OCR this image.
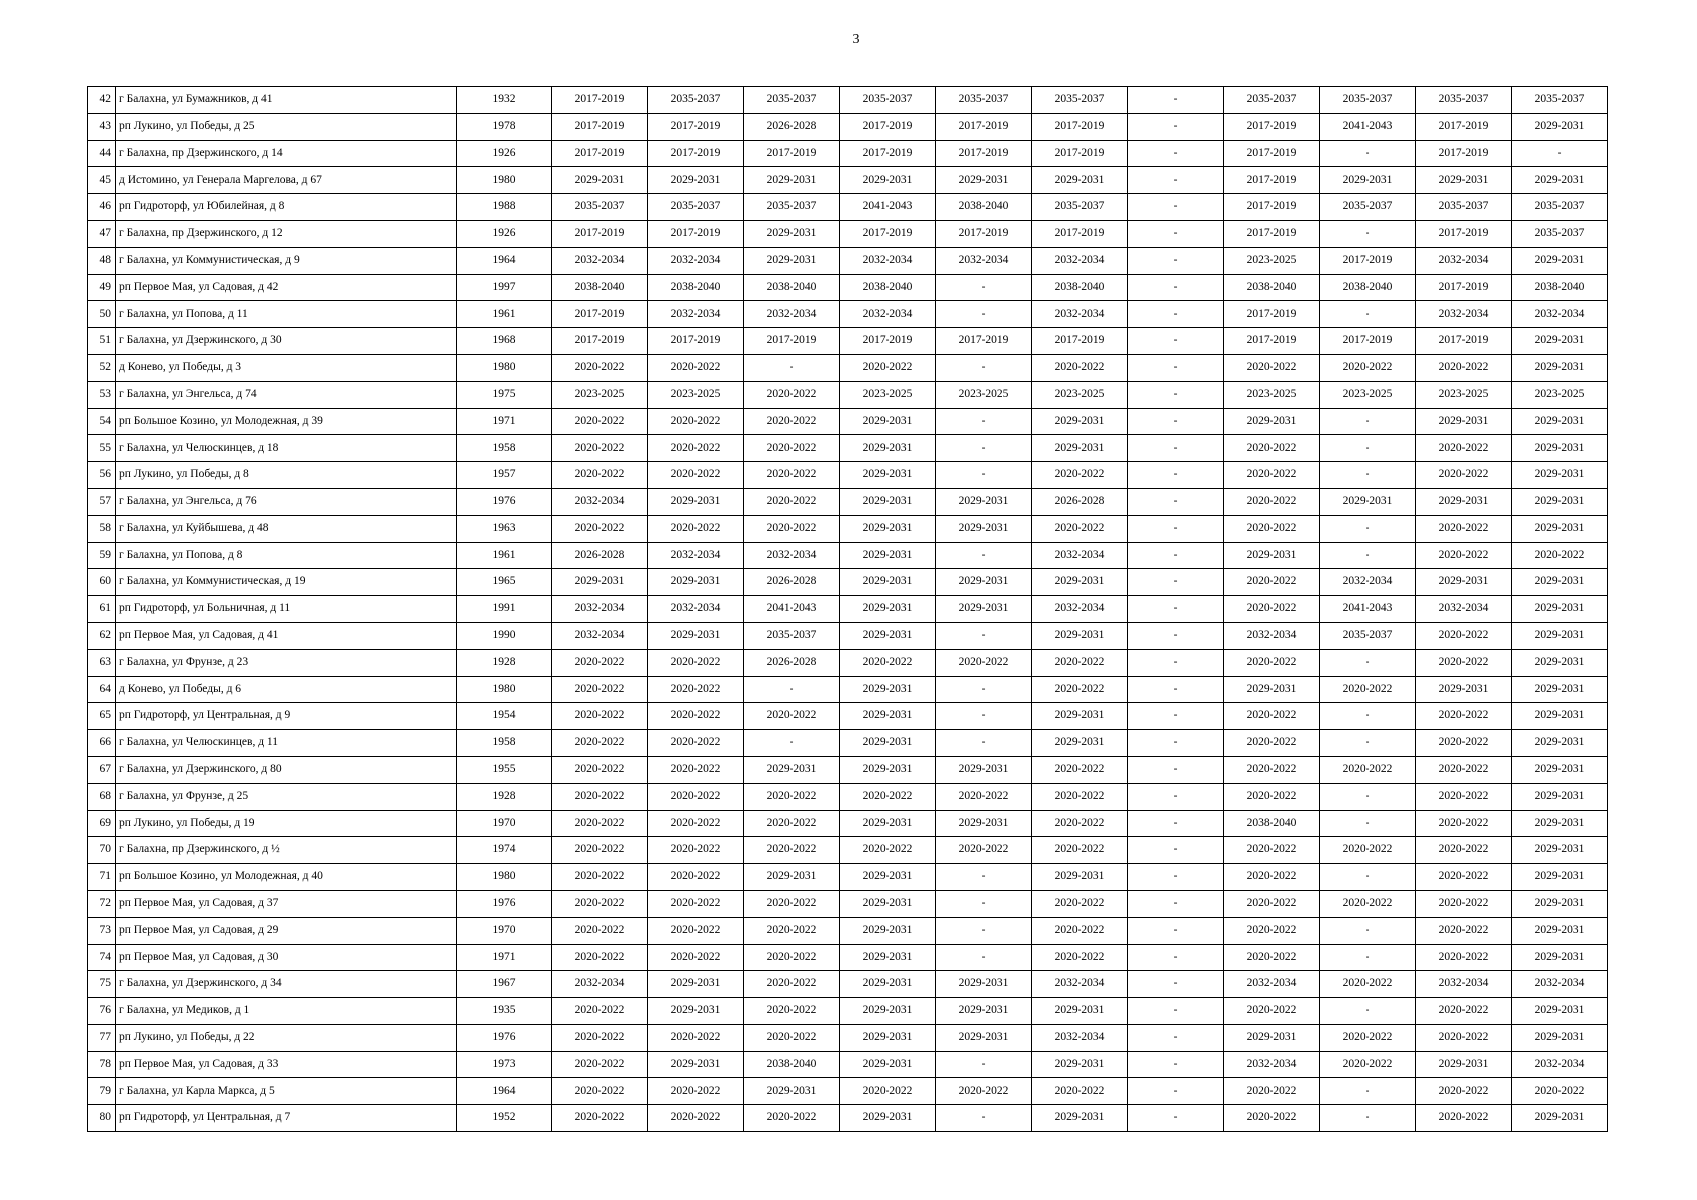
3
42	г Балахна, ул Бумажников, д 41	1932	2017-2019	2035-2037	2035-2037	2035-2037	2035-2037	2035-2037	-	2035-2037	2035-2037	2035-2037	2035-2037
43	рп Лукино, ул Победы, д 25	1978	2017-2019	2017-2019	2026-2028	2017-2019	2017-2019	2017-2019	-	2017-2019	2041-2043	2017-2019	2029-2031
44	г Балахна, пр Дзержинского, д 14	1926	2017-2019	2017-2019	2017-2019	2017-2019	2017-2019	2017-2019	-	2017-2019	-	2017-2019	-
45	д Истомино, ул Генерала Маргелова, д 67	1980	2029-2031	2029-2031	2029-2031	2029-2031	2029-2031	2029-2031	-	2017-2019	2029-2031	2029-2031	2029-2031
46	рп Гидроторф, ул Юбилейная, д 8	1988	2035-2037	2035-2037	2035-2037	2041-2043	2038-2040	2035-2037	-	2017-2019	2035-2037	2035-2037	2035-2037
47	г Балахна, пр Дзержинского, д 12	1926	2017-2019	2017-2019	2029-2031	2017-2019	2017-2019	2017-2019	-	2017-2019	-	2017-2019	2035-2037
48	г Балахна, ул Коммунистическая, д 9	1964	2032-2034	2032-2034	2029-2031	2032-2034	2032-2034	2032-2034	-	2023-2025	2017-2019	2032-2034	2029-2031
49	рп Первое Мая, ул Садовая, д 42	1997	2038-2040	2038-2040	2038-2040	2038-2040	-	2038-2040	-	2038-2040	2038-2040	2017-2019	2038-2040
50	г Балахна, ул Попова, д 11	1961	2017-2019	2032-2034	2032-2034	2032-2034	-	2032-2034	-	2017-2019	-	2032-2034	2032-2034
51	г Балахна, ул Дзержинского, д 30	1968	2017-2019	2017-2019	2017-2019	2017-2019	2017-2019	2017-2019	-	2017-2019	2017-2019	2017-2019	2029-2031
52	д Конево, ул Победы, д 3	1980	2020-2022	2020-2022	-	2020-2022	-	2020-2022	-	2020-2022	2020-2022	2020-2022	2029-2031
53	г Балахна, ул Энгельса, д 74	1975	2023-2025	2023-2025	2020-2022	2023-2025	2023-2025	2023-2025	-	2023-2025	2023-2025	2023-2025	2023-2025
54	рп Большое Козино, ул Молодежная, д 39	1971	2020-2022	2020-2022	2020-2022	2029-2031	-	2029-2031	-	2029-2031	-	2029-2031	2029-2031
55	г Балахна, ул Челюскинцев, д 18	1958	2020-2022	2020-2022	2020-2022	2029-2031	-	2029-2031	-	2020-2022	-	2020-2022	2029-2031
56	рп Лукино, ул Победы, д 8	1957	2020-2022	2020-2022	2020-2022	2029-2031	-	2020-2022	-	2020-2022	-	2020-2022	2029-2031
57	г Балахна, ул Энгельса, д 76	1976	2032-2034	2029-2031	2020-2022	2029-2031	2029-2031	2026-2028	-	2020-2022	2029-2031	2029-2031	2029-2031
58	г Балахна, ул Куйбышева, д 48	1963	2020-2022	2020-2022	2020-2022	2029-2031	2029-2031	2020-2022	-	2020-2022	-	2020-2022	2029-2031
59	г Балахна, ул Попова, д 8	1961	2026-2028	2032-2034	2032-2034	2029-2031	-	2032-2034	-	2029-2031	-	2020-2022	2020-2022
60	г Балахна, ул Коммунистическая, д 19	1965	2029-2031	2029-2031	2026-2028	2029-2031	2029-2031	2029-2031	-	2020-2022	2032-2034	2029-2031	2029-2031
61	рп Гидроторф, ул Больничная, д 11	1991	2032-2034	2032-2034	2041-2043	2029-2031	2029-2031	2032-2034	-	2020-2022	2041-2043	2032-2034	2029-2031
62	рп Первое Мая, ул Садовая, д 41	1990	2032-2034	2029-2031	2035-2037	2029-2031	-	2029-2031	-	2032-2034	2035-2037	2020-2022	2029-2031
63	г Балахна, ул Фрунзе, д 23	1928	2020-2022	2020-2022	2026-2028	2020-2022	2020-2022	2020-2022	-	2020-2022	-	2020-2022	2029-2031
64	д Конево, ул Победы, д 6	1980	2020-2022	2020-2022	-	2029-2031	-	2020-2022	-	2029-2031	2020-2022	2029-2031	2029-2031
65	рп Гидроторф, ул Центральная, д 9	1954	2020-2022	2020-2022	2020-2022	2029-2031	-	2029-2031	-	2020-2022	-	2020-2022	2029-2031
66	г Балахна, ул Челюскинцев, д 11	1958	2020-2022	2020-2022	-	2029-2031	-	2029-2031	-	2020-2022	-	2020-2022	2029-2031
67	г Балахна, ул Дзержинского, д 80	1955	2020-2022	2020-2022	2029-2031	2029-2031	2029-2031	2020-2022	-	2020-2022	2020-2022	2020-2022	2029-2031
68	г Балахна, ул Фрунзе, д 25	1928	2020-2022	2020-2022	2020-2022	2020-2022	2020-2022	2020-2022	-	2020-2022	-	2020-2022	2029-2031
69	рп Лукино, ул Победы, д 19	1970	2020-2022	2020-2022	2020-2022	2029-2031	2029-2031	2020-2022	-	2038-2040	-	2020-2022	2029-2031
70	г Балахна, пр Дзержинского, д ½	1974	2020-2022	2020-2022	2020-2022	2020-2022	2020-2022	2020-2022	-	2020-2022	2020-2022	2020-2022	2029-2031
71	рп Большое Козино, ул Молодежная, д 40	1980	2020-2022	2020-2022	2029-2031	2029-2031	-	2029-2031	-	2020-2022	-	2020-2022	2029-2031
72	рп Первое Мая, ул Садовая, д 37	1976	2020-2022	2020-2022	2020-2022	2029-2031	-	2020-2022	-	2020-2022	2020-2022	2020-2022	2029-2031
73	рп Первое Мая, ул Садовая, д 29	1970	2020-2022	2020-2022	2020-2022	2029-2031	-	2020-2022	-	2020-2022	-	2020-2022	2029-2031
74	рп Первое Мая, ул Садовая, д 30	1971	2020-2022	2020-2022	2020-2022	2029-2031	-	2020-2022	-	2020-2022	-	2020-2022	2029-2031
75	г Балахна, ул Дзержинского, д 34	1967	2032-2034	2029-2031	2020-2022	2029-2031	2029-2031	2032-2034	-	2032-2034	2020-2022	2032-2034	2032-2034
76	г Балахна, ул Медиков, д 1	1935	2020-2022	2029-2031	2020-2022	2029-2031	2029-2031	2029-2031	-	2020-2022	-	2020-2022	2029-2031
77	рп Лукино, ул Победы, д 22	1976	2020-2022	2020-2022	2020-2022	2029-2031	2029-2031	2032-2034	-	2029-2031	2020-2022	2020-2022	2029-2031
78	рп Первое Мая, ул Садовая, д 33	1973	2020-2022	2029-2031	2038-2040	2029-2031	-	2029-2031	-	2032-2034	2020-2022	2029-2031	2032-2034
79	г Балахна, ул Карла Маркса, д 5	1964	2020-2022	2020-2022	2029-2031	2020-2022	2020-2022	2020-2022	-	2020-2022	-	2020-2022	2020-2022
80	рп Гидроторф, ул Центральная, д 7	1952	2020-2022	2020-2022	2020-2022	2029-2031	-	2029-2031	-	2020-2022	-	2020-2022	2029-2031
